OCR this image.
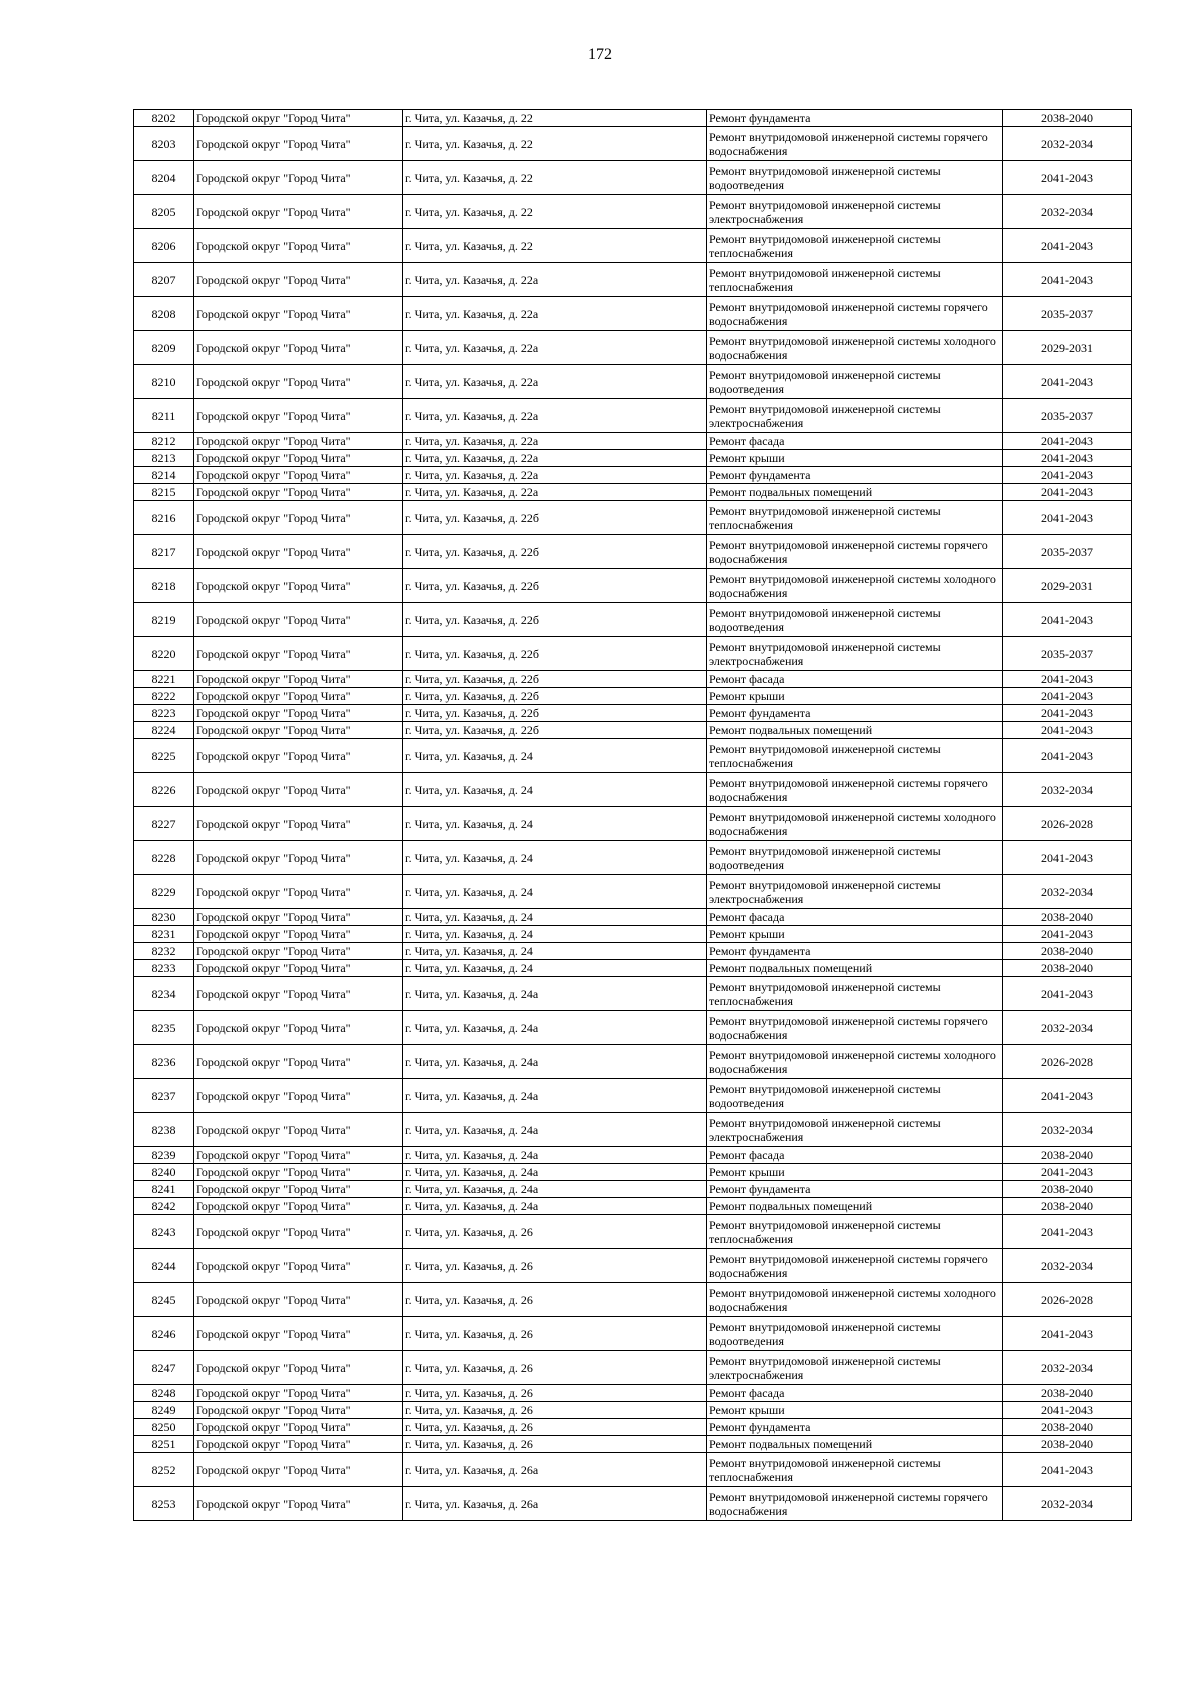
172
8202	Городской округ "Город Чита"	г. Чита, ул. Казачья, д. 22	Ремонт фундамента	2038-2040
8203	Городской округ "Город Чита"	г. Чита, ул. Казачья, д. 22	Ремонт внутридомовой инженерной системы горячего водоснабжения	2032-2034
8204	Городской округ "Город Чита"	г. Чита, ул. Казачья, д. 22	Ремонт внутридомовой инженерной системы водоотведения	2041-2043
8205	Городской округ "Город Чита"	г. Чита, ул. Казачья, д. 22	Ремонт внутридомовой инженерной системы электроснабжения	2032-2034
8206	Городской округ "Город Чита"	г. Чита, ул. Казачья, д. 22	Ремонт внутридомовой инженерной системы теплоснабжения	2041-2043
8207	Городской округ "Город Чита"	г. Чита, ул. Казачья, д. 22а	Ремонт внутридомовой инженерной системы теплоснабжения	2041-2043
8208	Городской округ "Город Чита"	г. Чита, ул. Казачья, д. 22а	Ремонт внутридомовой инженерной системы горячего водоснабжения	2035-2037
8209	Городской округ "Город Чита"	г. Чита, ул. Казачья, д. 22а	Ремонт внутридомовой инженерной системы холодного водоснабжения	2029-2031
8210	Городской округ "Город Чита"	г. Чита, ул. Казачья, д. 22а	Ремонт внутридомовой инженерной системы водоотведения	2041-2043
8211	Городской округ "Город Чита"	г. Чита, ул. Казачья, д. 22а	Ремонт внутридомовой инженерной системы электроснабжения	2035-2037
8212	Городской округ "Город Чита"	г. Чита, ул. Казачья, д. 22а	Ремонт фасада	2041-2043
8213	Городской округ "Город Чита"	г. Чита, ул. Казачья, д. 22а	Ремонт крыши	2041-2043
8214	Городской округ "Город Чита"	г. Чита, ул. Казачья, д. 22а	Ремонт фундамента	2041-2043
8215	Городской округ "Город Чита"	г. Чита, ул. Казачья, д. 22а	Ремонт подвальных помещений	2041-2043
8216	Городской округ "Город Чита"	г. Чита, ул. Казачья, д. 22б	Ремонт внутридомовой инженерной системы теплоснабжения	2041-2043
8217	Городской округ "Город Чита"	г. Чита, ул. Казачья, д. 22б	Ремонт внутридомовой инженерной системы горячего водоснабжения	2035-2037
8218	Городской округ "Город Чита"	г. Чита, ул. Казачья, д. 22б	Ремонт внутридомовой инженерной системы холодного водоснабжения	2029-2031
8219	Городской округ "Город Чита"	г. Чита, ул. Казачья, д. 22б	Ремонт внутридомовой инженерной системы водоотведения	2041-2043
8220	Городской округ "Город Чита"	г. Чита, ул. Казачья, д. 22б	Ремонт внутридомовой инженерной системы электроснабжения	2035-2037
8221	Городской округ "Город Чита"	г. Чита, ул. Казачья, д. 22б	Ремонт фасада	2041-2043
8222	Городской округ "Город Чита"	г. Чита, ул. Казачья, д. 22б	Ремонт крыши	2041-2043
8223	Городской округ "Город Чита"	г. Чита, ул. Казачья, д. 22б	Ремонт фундамента	2041-2043
8224	Городской округ "Город Чита"	г. Чита, ул. Казачья, д. 22б	Ремонт подвальных помещений	2041-2043
8225	Городской округ "Город Чита"	г. Чита, ул. Казачья, д. 24	Ремонт внутридомовой инженерной системы теплоснабжения	2041-2043
8226	Городской округ "Город Чита"	г. Чита, ул. Казачья, д. 24	Ремонт внутридомовой инженерной системы горячего водоснабжения	2032-2034
8227	Городской округ "Город Чита"	г. Чита, ул. Казачья, д. 24	Ремонт внутридомовой инженерной системы холодного водоснабжения	2026-2028
8228	Городской округ "Город Чита"	г. Чита, ул. Казачья, д. 24	Ремонт внутридомовой инженерной системы водоотведения	2041-2043
8229	Городской округ "Город Чита"	г. Чита, ул. Казачья, д. 24	Ремонт внутридомовой инженерной системы электроснабжения	2032-2034
8230	Городской округ "Город Чита"	г. Чита, ул. Казачья, д. 24	Ремонт фасада	2038-2040
8231	Городской округ "Город Чита"	г. Чита, ул. Казачья, д. 24	Ремонт крыши	2041-2043
8232	Городской округ "Город Чита"	г. Чита, ул. Казачья, д. 24	Ремонт фундамента	2038-2040
8233	Городской округ "Город Чита"	г. Чита, ул. Казачья, д. 24	Ремонт подвальных помещений	2038-2040
8234	Городской округ "Город Чита"	г. Чита, ул. Казачья, д. 24а	Ремонт внутридомовой инженерной системы теплоснабжения	2041-2043
8235	Городской округ "Город Чита"	г. Чита, ул. Казачья, д. 24а	Ремонт внутридомовой инженерной системы горячего водоснабжения	2032-2034
8236	Городской округ "Город Чита"	г. Чита, ул. Казачья, д. 24а	Ремонт внутридомовой инженерной системы холодного водоснабжения	2026-2028
8237	Городской округ "Город Чита"	г. Чита, ул. Казачья, д. 24а	Ремонт внутридомовой инженерной системы водоотведения	2041-2043
8238	Городской округ "Город Чита"	г. Чита, ул. Казачья, д. 24а	Ремонт внутридомовой инженерной системы электроснабжения	2032-2034
8239	Городской округ "Город Чита"	г. Чита, ул. Казачья, д. 24а	Ремонт фасада	2038-2040
8240	Городской округ "Город Чита"	г. Чита, ул. Казачья, д. 24а	Ремонт крыши	2041-2043
8241	Городской округ "Город Чита"	г. Чита, ул. Казачья, д. 24а	Ремонт фундамента	2038-2040
8242	Городской округ "Город Чита"	г. Чита, ул. Казачья, д. 24а	Ремонт подвальных помещений	2038-2040
8243	Городской округ "Город Чита"	г. Чита, ул. Казачья, д. 26	Ремонт внутридомовой инженерной системы теплоснабжения	2041-2043
8244	Городской округ "Город Чита"	г. Чита, ул. Казачья, д. 26	Ремонт внутридомовой инженерной системы горячего водоснабжения	2032-2034
8245	Городской округ "Город Чита"	г. Чита, ул. Казачья, д. 26	Ремонт внутридомовой инженерной системы холодного водоснабжения	2026-2028
8246	Городской округ "Город Чита"	г. Чита, ул. Казачья, д. 26	Ремонт внутридомовой инженерной системы водоотведения	2041-2043
8247	Городской округ "Город Чита"	г. Чита, ул. Казачья, д. 26	Ремонт внутридомовой инженерной системы электроснабжения	2032-2034
8248	Городской округ "Город Чита"	г. Чита, ул. Казачья, д. 26	Ремонт фасада	2038-2040
8249	Городской округ "Город Чита"	г. Чита, ул. Казачья, д. 26	Ремонт крыши	2041-2043
8250	Городской округ "Город Чита"	г. Чита, ул. Казачья, д. 26	Ремонт фундамента	2038-2040
8251	Городской округ "Город Чита"	г. Чита, ул. Казачья, д. 26	Ремонт подвальных помещений	2038-2040
8252	Городской округ "Город Чита"	г. Чита, ул. Казачья, д. 26а	Ремонт внутридомовой инженерной системы теплоснабжения	2041-2043
8253	Городской округ "Город Чита"	г. Чита, ул. Казачья, д. 26а	Ремонт внутридомовой инженерной системы горячего водоснабжения	2032-2034
